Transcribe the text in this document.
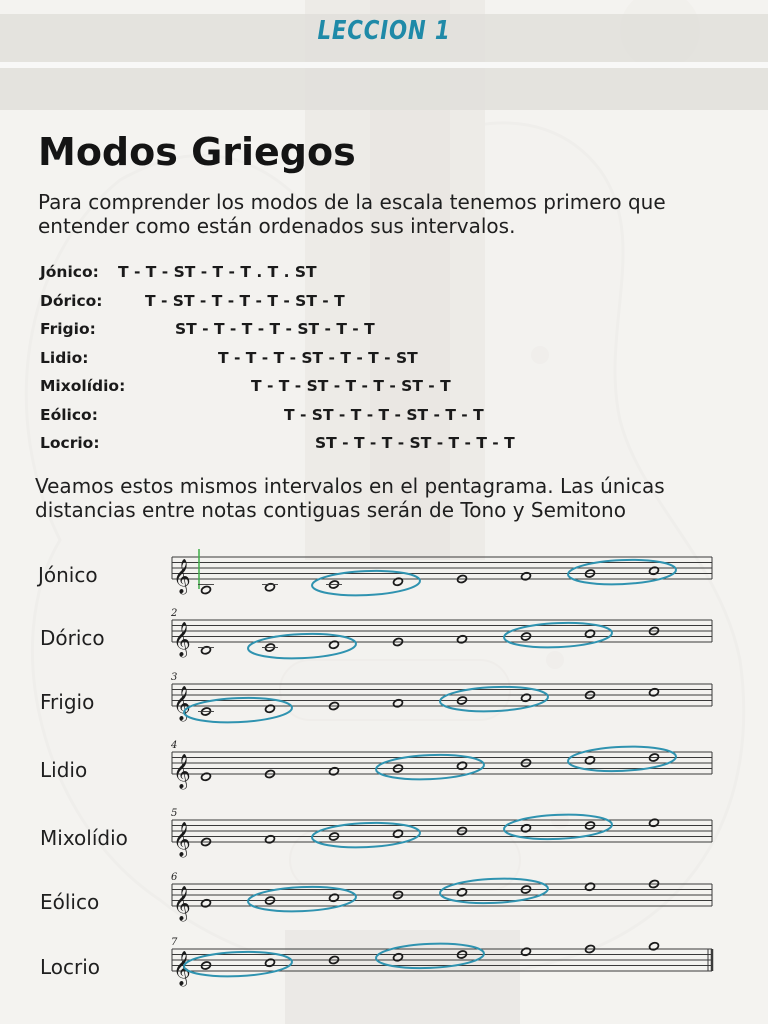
LECCION 1
Modos Griegos
Para comprender los modos de la escala tenemos primero que entender como están ordenados sus intervalos.
Jónico: T - T - ST - T - T . T . ST
Dórico:	T - ST - T - T - T - ST - T
Frigio:	ST - T - T - T - ST - T - T
Lidio:	T - T - T - ST - T - T - ST
Mixolídio:	T - T - ST - T - T - ST - T
Eólico:	T - ST - T - T - ST - T - T
Locrio:	ST - T - T - ST - T - T - T
Veamos estos mismos intervalos en el pentagrama. Las únicas distancias entre notas contiguas serán de Tono y Semitono
Jónico	𝄞
Dórico
2
𝄞
Frigio
3
𝄞
Lidio
4
𝄞
Mixolídio
5
𝄞
Eólico
6
𝄞
Locrio
7
𝄞
